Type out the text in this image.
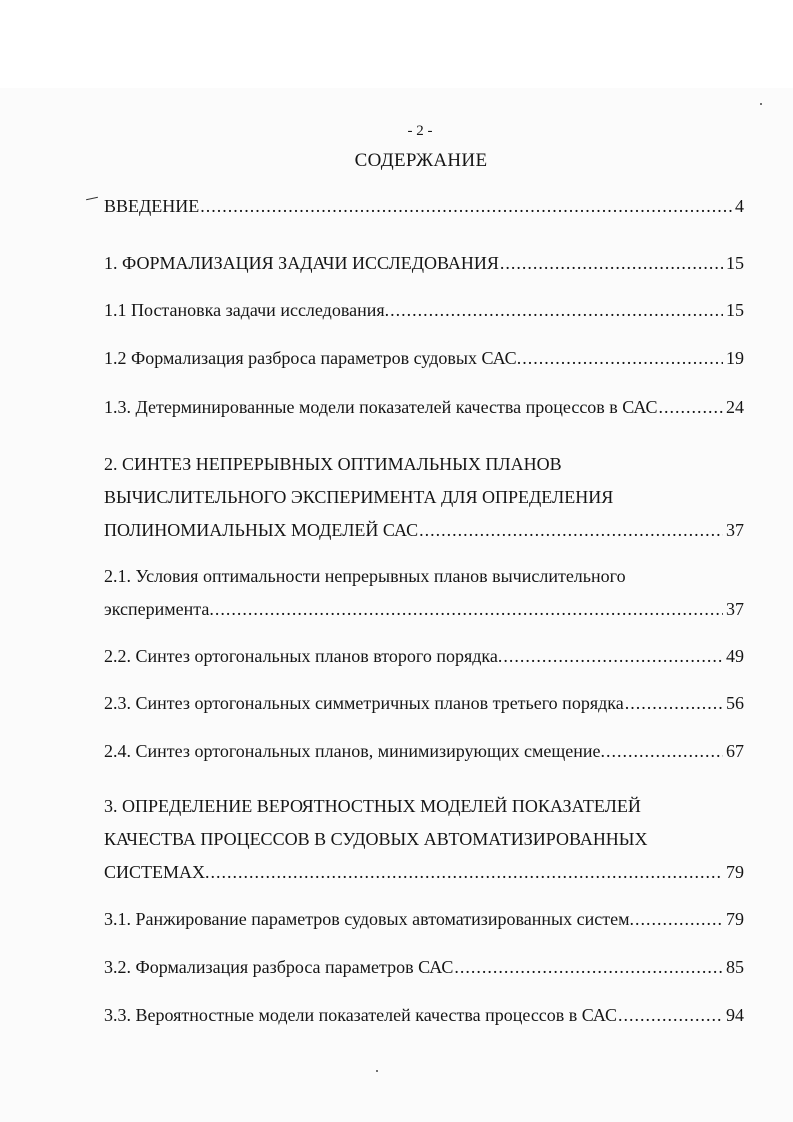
- 2 -
СОДЕРЖАНИЕ
ВВЕДЕНИЕ .....	4
1. ФОРМАЛИЗАЦИЯ ЗАДАЧИ ИССЛЕДОВАНИЯ .....	15
1.1 Постановка задачи исследования. .....	15
1.2 Формализация разброса параметров судовых САС. .....	19
1.3. Детерминированные модели показателей качества процессов в САС .....	24
2. СИНТЕЗ НЕПРЕРЫВНЫХ ОПТИМАЛЬНЫХ ПЛАНОВ
ВЫЧИСЛИТЕЛЬНОГО ЭКСПЕРИМЕНТА ДЛЯ ОПРЕДЕЛЕНИЯ
ПОЛИНОМИАЛЬНЫХ МОДЕЛЕЙ САС .....	37
2.1. Условия оптимальности непрерывных планов вычислительного
эксперимента. .....	37
2.2. Синтез ортогональных планов второго порядка. .....	49
2.3. Синтез ортогональных симметричных планов третьего порядка .....	56
2.4. Синтез ортогональных планов, минимизирующих смещение. .....	67
3. ОПРЕДЕЛЕНИЕ ВЕРОЯТНОСТНЫХ МОДЕЛЕЙ ПОКАЗАТЕЛЕЙ
КАЧЕСТВА ПРОЦЕССОВ В СУДОВЫХ АВТОМАТИЗИРОВАННЫХ
СИСТЕМАХ. .....	79
3.1. Ранжирование параметров судовых автоматизированных систем. .....	79
3.2. Формализация разброса параметров САС .....	85
3.3. Вероятностные модели показателей качества процессов в САС .....	94
